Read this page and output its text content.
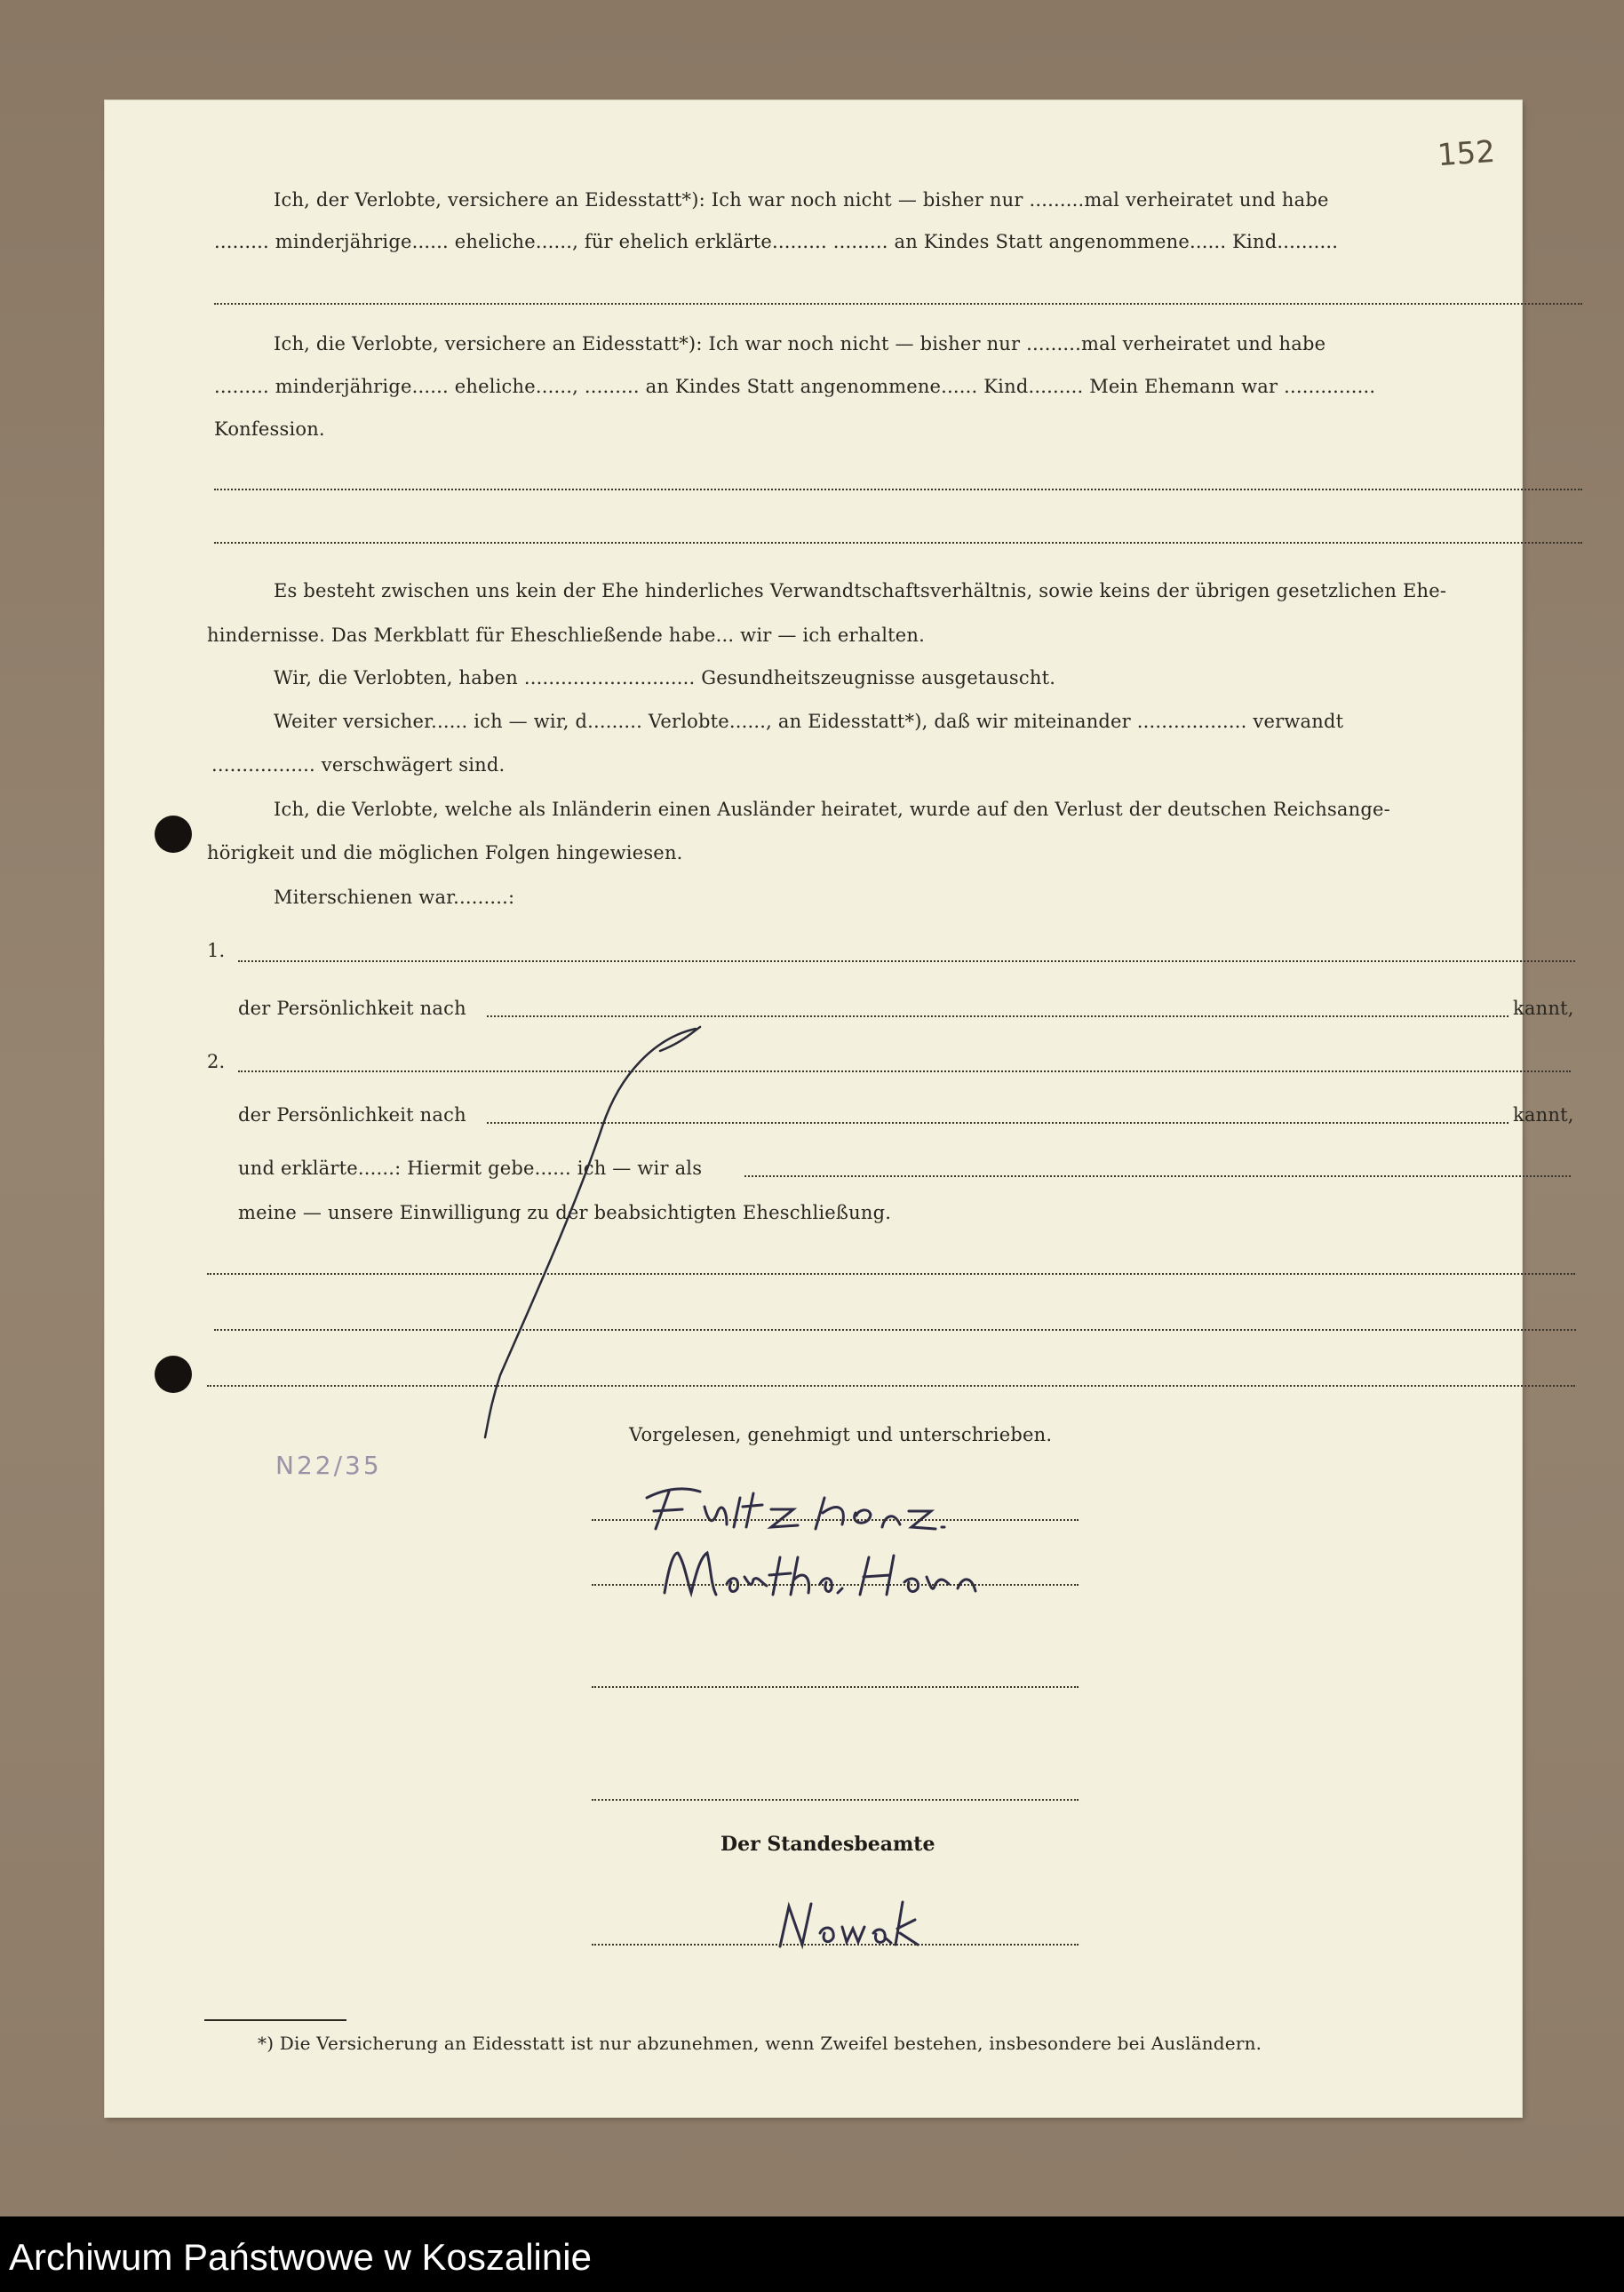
152
Ich, der Verlobte, versichere an Eidesstatt*): Ich war noch nicht — bisher nur .........mal verheiratet und habe
......... minderjährige...... eheliche......, für ehelich erklärte......... ......... an Kindes Statt angenommene...... Kind..........
Ich, die Verlobte, versichere an Eidesstatt*): Ich war noch nicht — bisher nur .........mal verheiratet und habe
......... minderjährige...... eheliche......, ......... an Kindes Statt angenommene...... Kind......... Mein Ehemann war ...............
Konfession.
Es besteht zwischen uns kein der Ehe hinderliches Verwandtschaftsverhältnis, sowie keins der übrigen gesetzlichen Ehe-
hindernisse. Das Merkblatt für Eheschließende habe... wir — ich erhalten.
Wir, die Verlobten, haben ............................ Gesundheitszeugnisse ausgetauscht.
Weiter versicher...... ich — wir, d......... Verlobte......, an Eidesstatt*), daß wir miteinander .................. verwandt
................. verschwägert sind.
Ich, die Verlobte, welche als Inländerin einen Ausländer heiratet, wurde auf den Verlust der deutschen Reichsange-
hörigkeit und die möglichen Folgen hingewiesen.
Miterschienen war.........:
1.
der Persönlichkeit nach	kannt,
2.
der Persönlichkeit nach	kannt,
und erklärte......: Hiermit gebe...... ich — wir als
meine — unsere Einwilligung zu der beabsichtigten Eheschließung.
Vorgelesen, genehmigt und unterschrieben.
N22/35
Der Standesbeamte
*) Die Versicherung an Eidesstatt ist nur abzunehmen, wenn Zweifel bestehen, insbesondere bei Ausländern.
Archiwum Państwowe w Koszalinie
